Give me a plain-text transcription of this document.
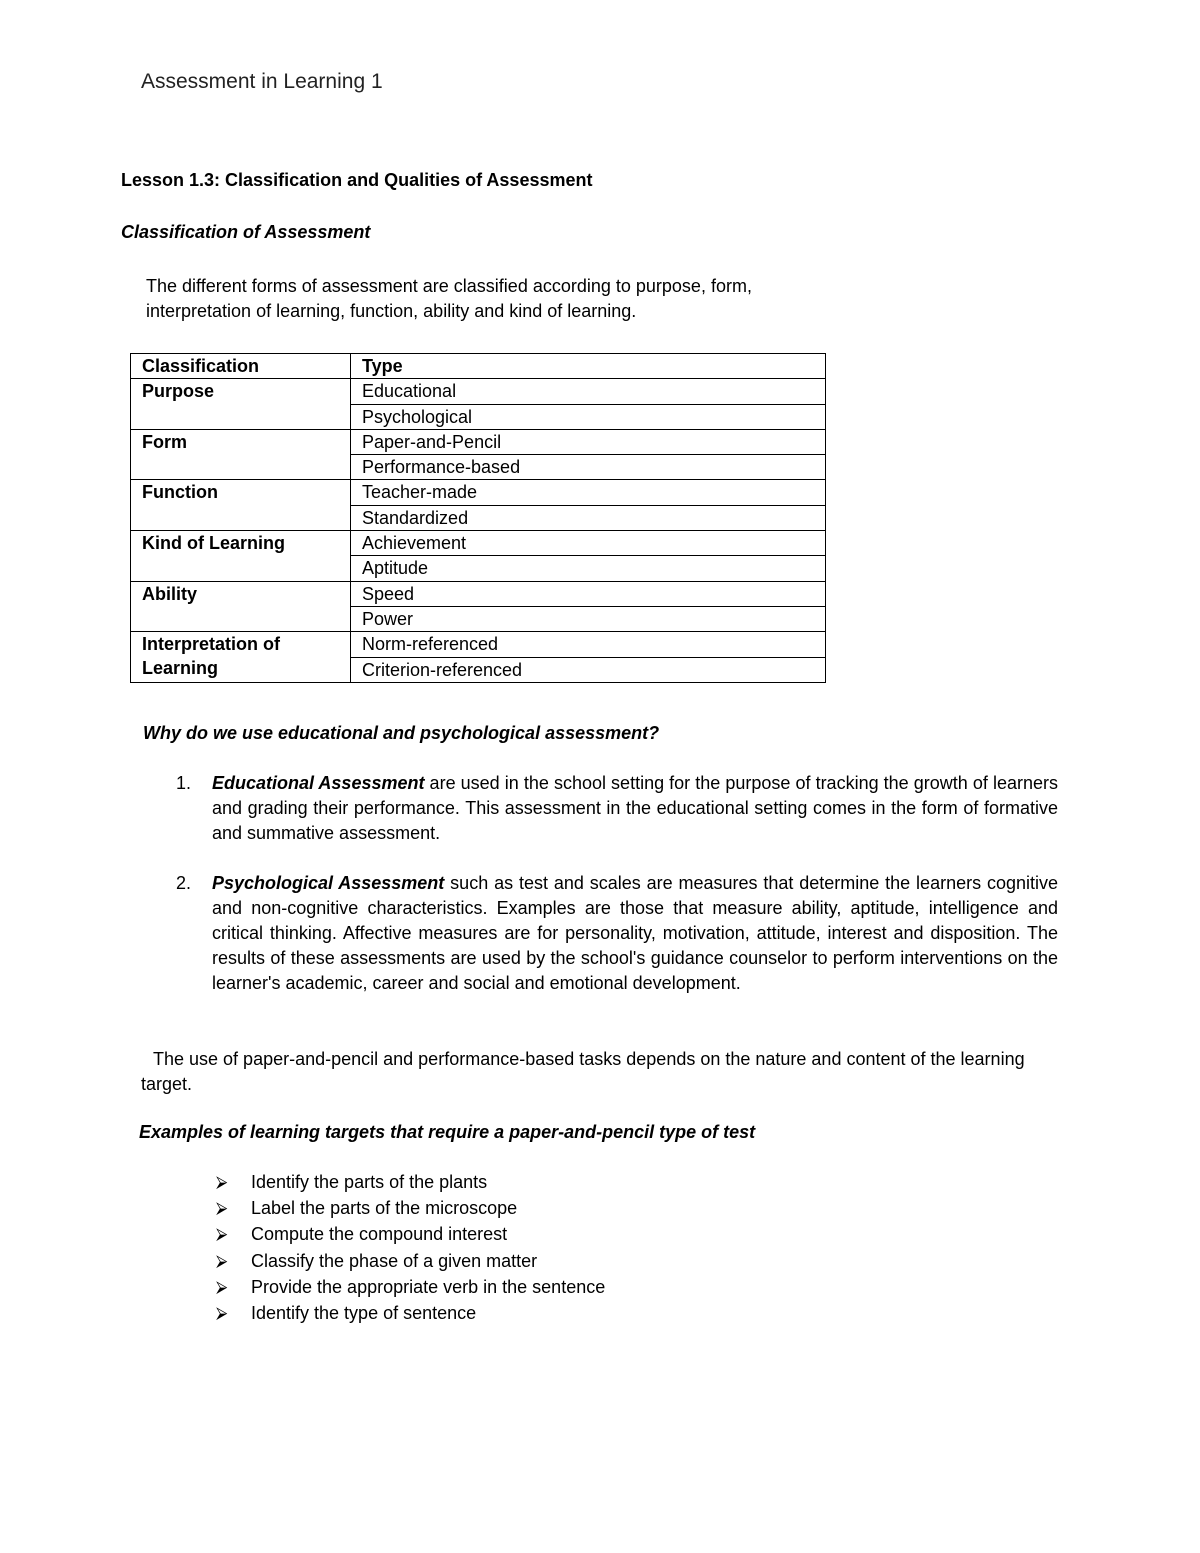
Assessment in Learning 1
Lesson 1.3: Classification and Qualities of Assessment
Classification of Assessment

The different forms of assessment are classified according to purpose, form, interpretation of learning, function, ability and kind of learning.

Classification	Type
Purpose	Educational
	Psychological
Form	Paper-and-Pencil
	Performance-based
Function	Teacher-made
	Standardized
Kind of Learning	Achievement
	Aptitude
Ability	Speed
	Power
Interpretation of Learning	Norm-referenced
	Criterion-referenced
Why do we use educational and psychological assessment?
1. Educational Assessment are used in the school setting for the purpose of tracking the growth of learners and grading their performance. This assessment in the educational setting comes in the form of formative and summative assessment.
2. Psychological Assessment such as test and scales are measures that determine the learners cognitive and non-cognitive characteristics. Examples are those that measure ability, aptitude, intelligence and critical thinking. Affective measures are for personality, motivation, attitude, interest and disposition. The results of these assessments are used by the school's guidance counselor to perform interventions on the learner's academic, career and social and emotional development.

The use of paper-and-pencil and performance-based tasks depends on the nature and content of the learning target.

Examples of learning targets that require a paper-and-pencil type of test
⮚ Identify the parts of the plants
⮚ Label the parts of the microscope
⮚ Compute the compound interest
⮚ Classify the phase of a given matter
⮚ Provide the appropriate verb in the sentence
⮚ Identify the type of sentence
